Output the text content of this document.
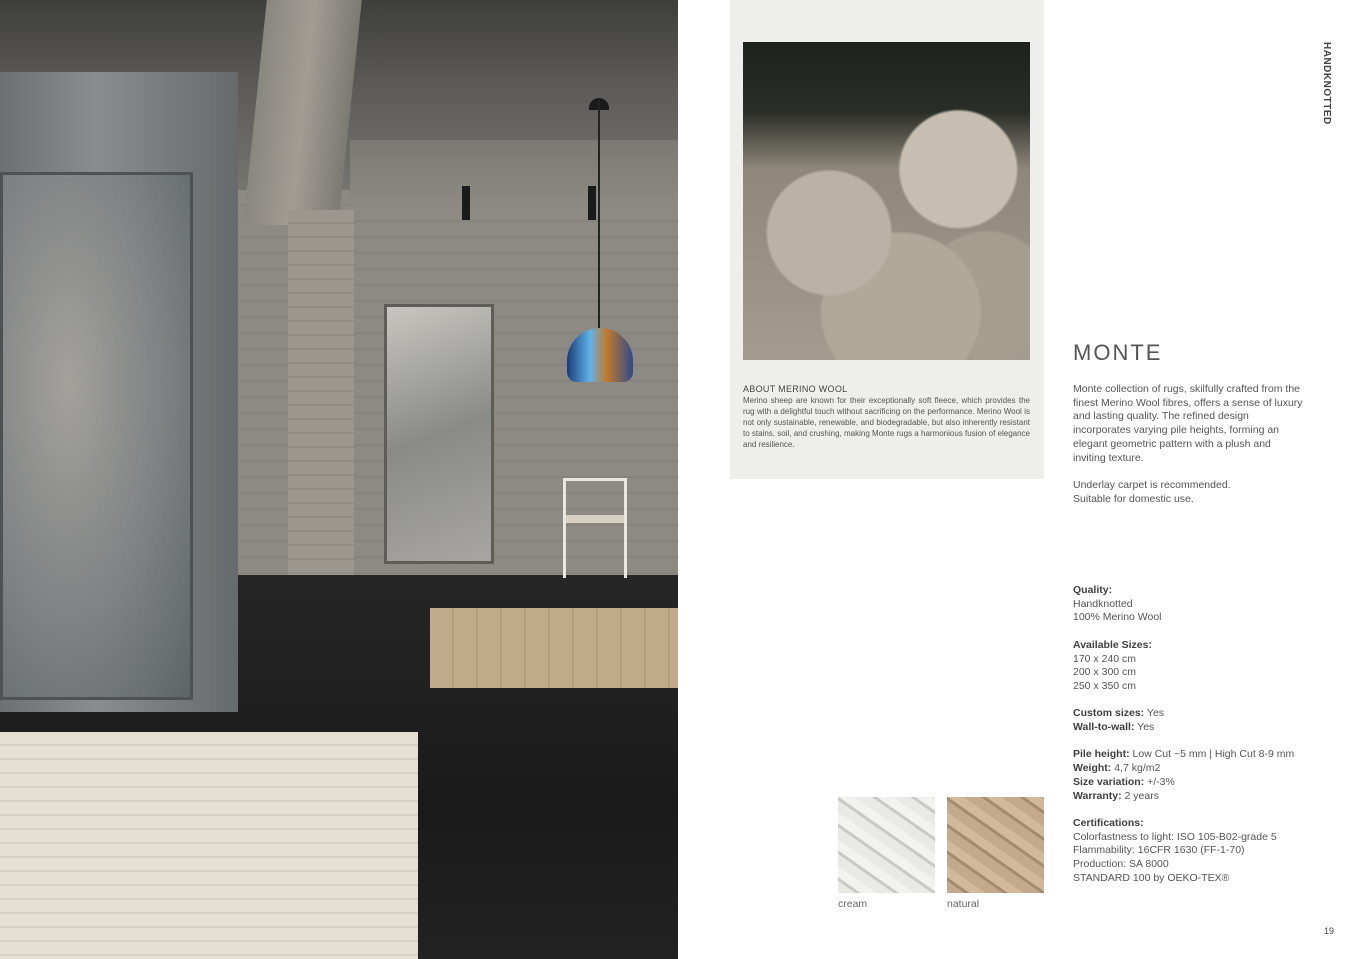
ABOUT MERINO WOOL
Merino sheep are known for their exceptionally soft fleece, which provides the rug with a delightful touch without sacrificing on the performance. Merino Wool is not only sustainable, renewable, and biodegradable, but also inherently resistant to stains, soil, and crushing, making Monte rugs a harmonious fusion of elegance and resilience.
HANDKNOTTED
MONTE
Monte collection of rugs, skilfully crafted from the finest Merino Wool fibres, offers a sense of luxury and lasting quality. The refined design incorporates varying pile heights, forming an elegant geometric pattern with a plush and inviting texture.
Underlay carpet is recommended.
Suitable for domestic use.
Quality:
Handknotted
100% Merino Wool
Available Sizes:
170 x 240 cm
200 x 300 cm
250 x 350 cm
Custom sizes: Yes
Wall-to-wall: Yes
Pile height: Low Cut ~5 mm | High Cut 8-9 mm
Weight: 4,7 kg/m2
Size variation: +/-3%
Warranty: 2 years
Certifications:
Colorfastness to light: ISO 105-B02-grade 5
Flammability: 16CFR 1630 (FF-1-70)
Production: SA 8000
STANDARD 100 by OEKO-TEX®
cream	natural
19
